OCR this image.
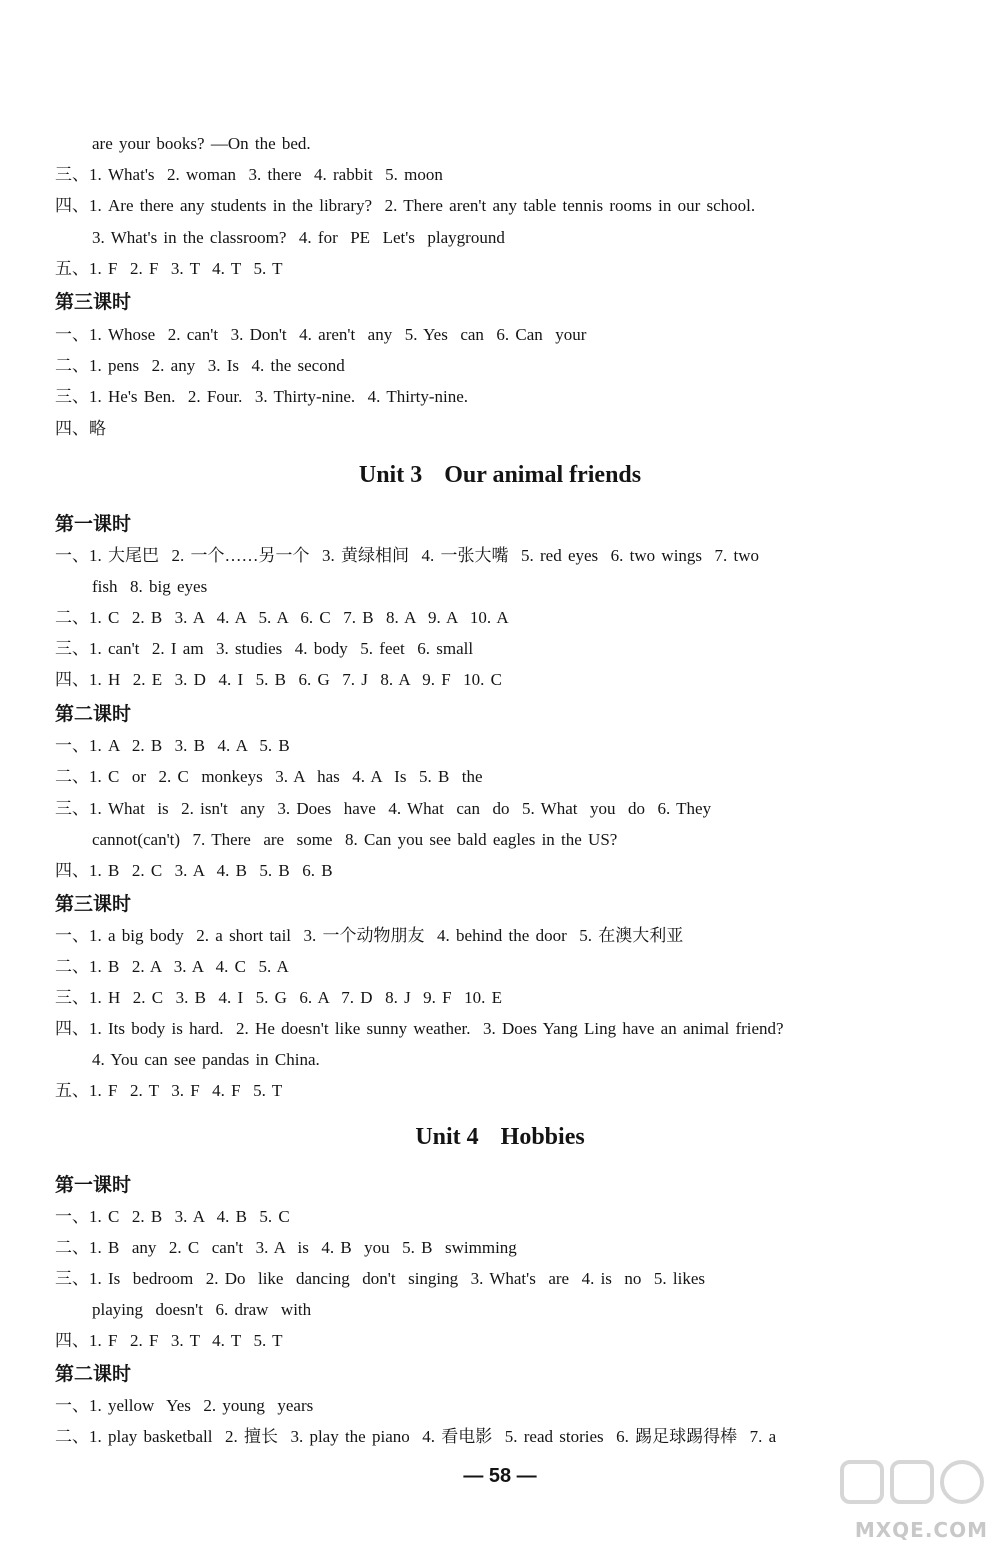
are your books? —On the bed.
三、1. What's  2. woman  3. there  4. rabbit  5. moon
四、1. Are there any students in the library?  2. There aren't any table tennis rooms in our school.
3. What's in the classroom?  4. for  PE  Let's  playground
五、1. F  2. F  3. T  4. T  5. T
一、1. Whose  2. can't  3. Don't  4. aren't  any  5. Yes  can  6. Can  your
二、1. pens  2. any  3. Is  4. the second
三、1. He's Ben.  2. Four.  3. Thirty-nine.  4. Thirty-nine.
四、略
一、1. 大尾巴  2. 一个……另一个  3. 黄绿相间  4. 一张大嘴  5. red eyes  6. two wings  7. two
fish  8. big eyes
二、1. C  2. B  3. A  4. A  5. A  6. C  7. B  8. A  9. A  10. A
三、1. can't  2. I am  3. studies  4. body  5. feet  6. small
四、1. H  2. E  3. D  4. I  5. B  6. G  7. J  8. A  9. F  10. C
一、1. A  2. B  3. B  4. A  5. B
二、1. C  or  2. C  monkeys  3. A  has  4. A  Is  5. B  the
三、1. What  is  2. isn't  any  3. Does  have  4. What  can  do  5. What  you  do  6. They
cannot(can't)  7. There  are  some  8. Can you see bald eagles in the US?
四、1. B  2. C  3. A  4. B  5. B  6. B
一、1. a big body  2. a short tail  3. 一个动物朋友  4. behind the door  5. 在澳大利亚
二、1. B  2. A  3. A  4. C  5. A
三、1. H  2. C  3. B  4. I  5. G  6. A  7. D  8. J  9. F  10. E
四、1. Its body is hard.  2. He doesn't like sunny weather.  3. Does Yang Ling have an animal friend?
4. You can see pandas in China.
五、1. F  2. T  3. F  4. F  5. T
一、1. C  2. B  3. A  4. B  5. C
二、1. B  any  2. C  can't  3. A  is  4. B  you  5. B  swimming
三、1. Is  bedroom  2. Do  like  dancing  don't  singing  3. What's  are  4. is  no  5. likes
playing  doesn't  6. draw  with
四、1. F  2. F  3. T  4. T  5. T
一、1. yellow  Yes  2. young  years
二、1. play basketball  2. 擅长  3. play the piano  4. 看电影  5. read stories  6. 踢足球踢得棒  7. a
第三课时
第一课时
第二课时
第三课时
第一课时
第二课时
Unit 3 Our animal friends
Unit 4 Hobbies
— 58 —
MXQE.COM
